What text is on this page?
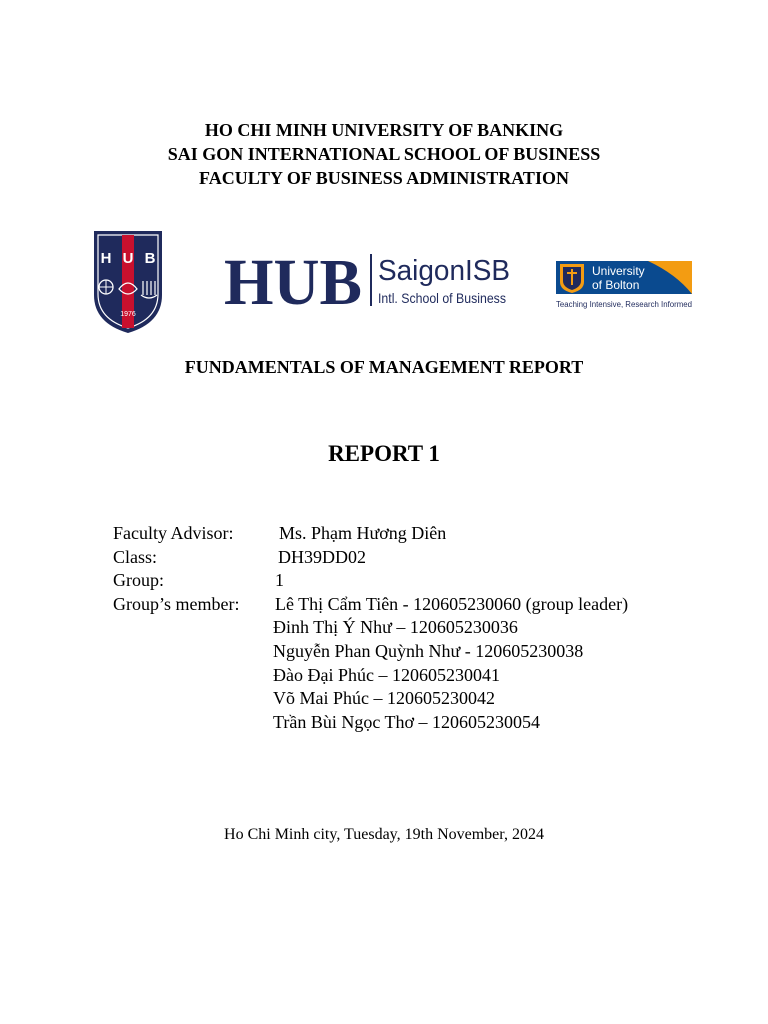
HO CHI MINH UNIVERSITY OF BANKING
SAI GON INTERNATIONAL SCHOOL OF BUSINESS
FACULTY OF BUSINESS ADMINISTRATION
H U B
1976 HUB SaigonISB
Intl. School of Business
University
of Bolton
Teaching Intensive, Research Informed
FUNDAMENTALS OF MANAGEMENT REPORT
REPORT 1
Faculty Advisor:	Ms. Phạm Hương Diên
Class:	DH39DD02
Group:	1
Group’s member: Lê Thị Cẩm Tiên - 120605230060 (group leader)
Đinh Thị Ý Như – 120605230036
Nguyễn Phan Quỳnh Như - 120605230038
Đào Đại Phúc – 120605230041
Võ Mai Phúc – 120605230042
Trần Bùi Ngọc Thơ – 120605230054
Ho Chi Minh city, Tuesday, 19th November, 2024
